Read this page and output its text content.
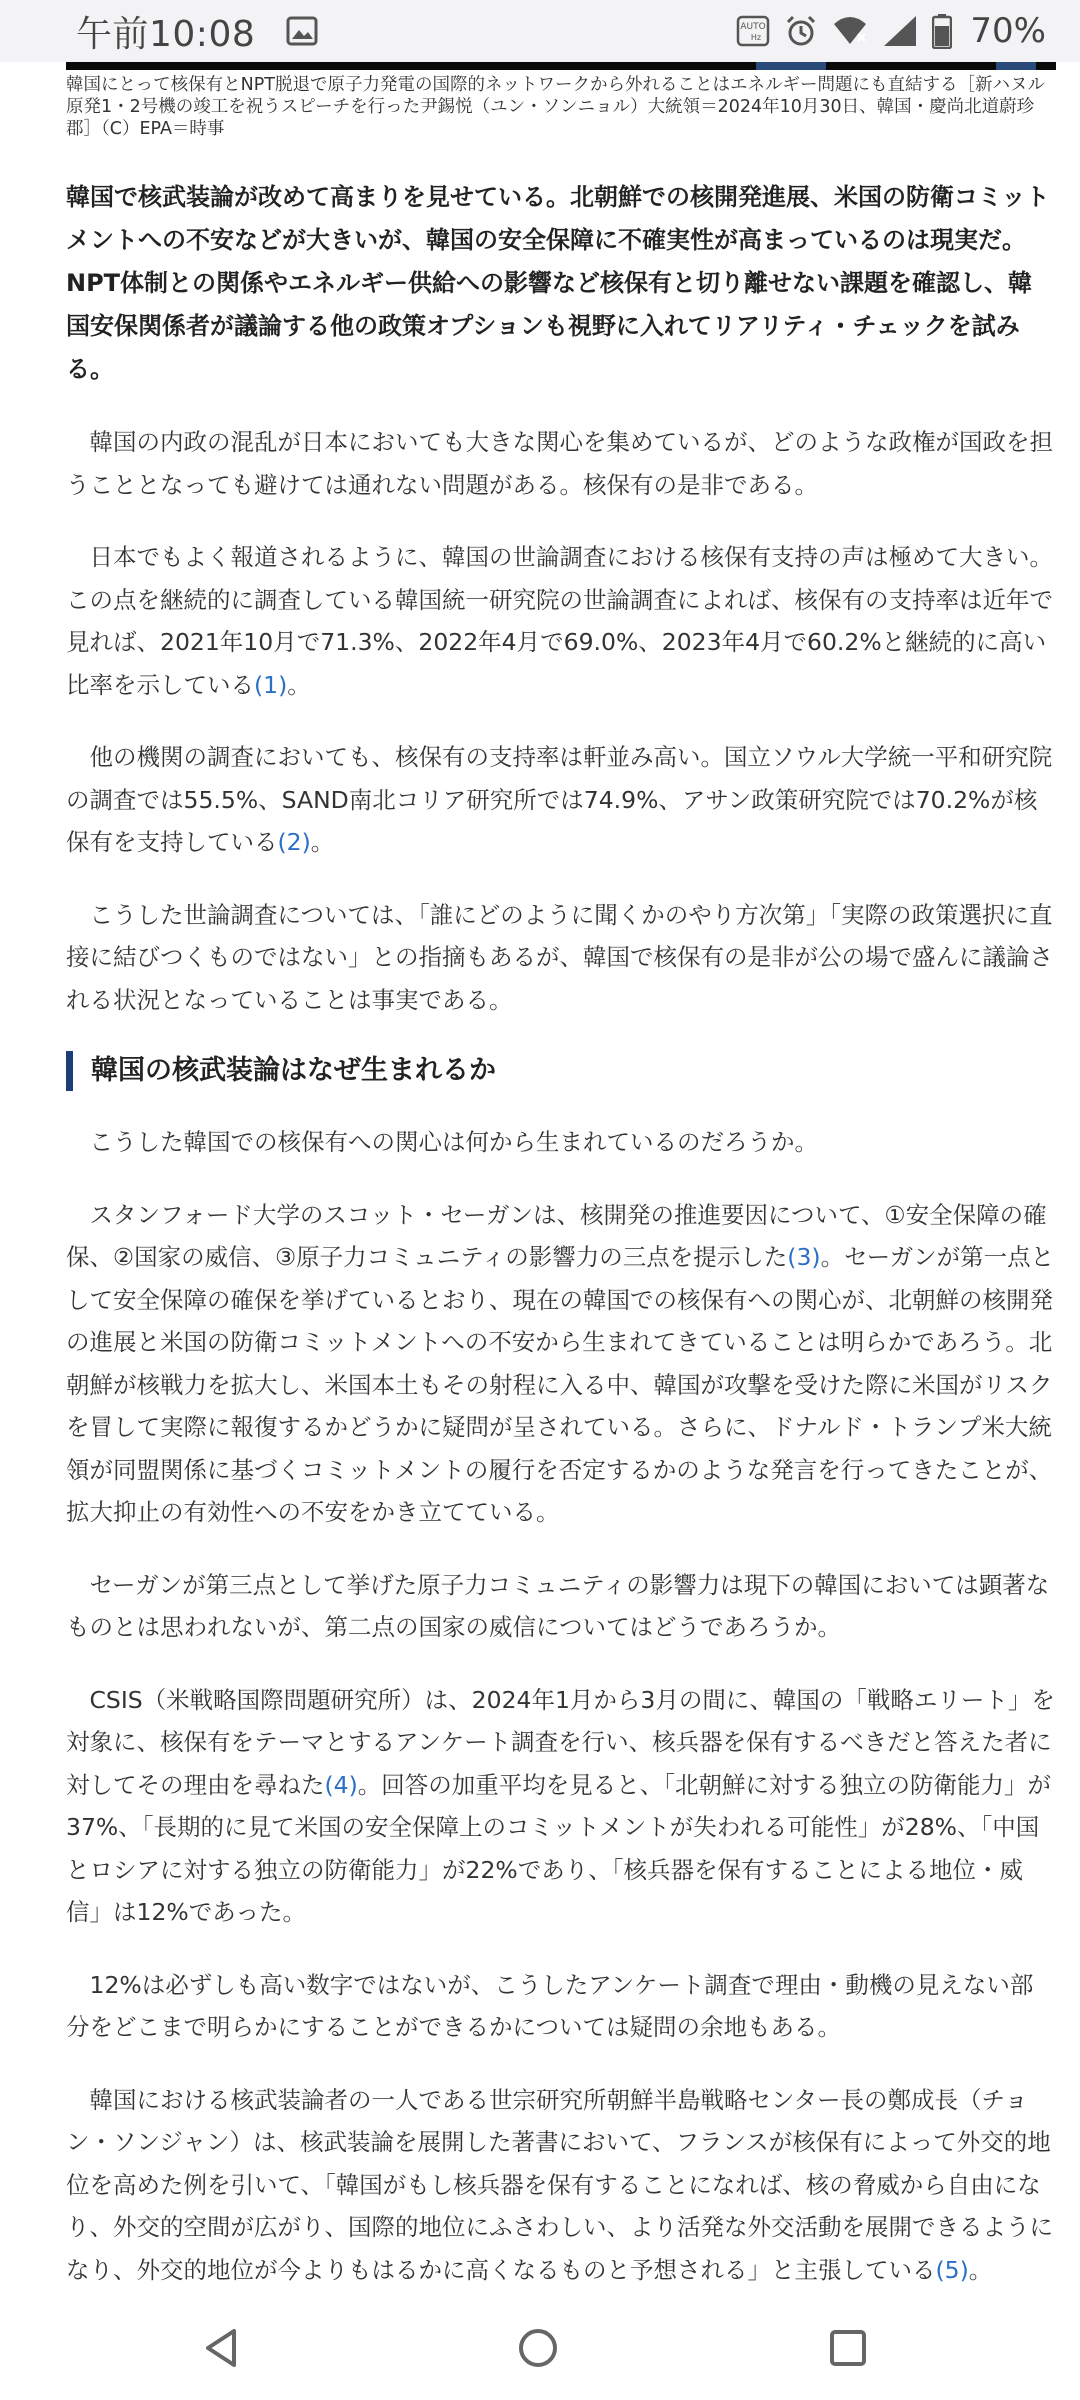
午前10:08	AUTO
Hz	70%

韓国にとって核保有とNPT脱退で原子力発電の国際的ネットワークから外れることはエネルギー問題にも直結する［新ハヌル原発1・2号機の竣工を祝うスピーチを行った尹錫悦（ユン・ソンニョル）大統領＝2024年10月30日、韓国・慶尚北道蔚珍郡］（C）EPA＝時事

韓国で核武装論が改めて高まりを見せている。北朝鮮での核開発進展、米国の防衛コミットメントへの不安などが大きいが、韓国の安全保障に不確実性が高まっているのは現実だ。NPT体制との関係やエネルギー供給への影響など核保有と切り離せない課題を確認し、韓国安保関係者が議論する他の政策オプションも視野に入れてリアリティ・チェックを試みる。

韓国の内政の混乱が日本においても大きな関心を集めているが、どのような政権が国政を担うこととなっても避けては通れない問題がある。核保有の是非である。

日本でもよく報道されるように、韓国の世論調査における核保有支持の声は極めて大きい。この点を継続的に調査している韓国統一研究院の世論調査によれば、核保有の支持率は近年で見れば、2021年10月で71.3%、2022年4月で69.0%、2023年4月で60.2%と継続的に高い比率を示している(1)。

他の機関の調査においても、核保有の支持率は軒並み高い。国立ソウル大学統一平和研究院の調査では55.5%、SAND南北コリア研究所では74.9%、アサン政策研究院では70.2%が核保有を支持している(2)。

こうした世論調査については、「誰にどのように聞くかのやり方次第」「実際の政策選択に直接に結びつくものではない」との指摘もあるが、韓国で核保有の是非が公の場で盛んに議論される状況となっていることは事実である。

韓国の核武装論はなぜ生まれるか

こうした韓国での核保有への関心は何から生まれているのだろうか。

スタンフォード大学のスコット・セーガンは、核開発の推進要因について、①安全保障の確保、②国家の威信、③原子力コミュニティの影響力の三点を提示した(3)。セーガンが第一点として安全保障の確保を挙げているとおり、現在の韓国での核保有への関心が、北朝鮮の核開発の進展と米国の防衛コミットメントへの不安から生まれてきていることは明らかであろう。北朝鮮が核戦力を拡大し、米国本土もその射程に入る中、韓国が攻撃を受けた際に米国がリスクを冒して実際に報復するかどうかに疑問が呈されている。さらに、ドナルド・トランプ米大統領が同盟関係に基づくコミットメントの履行を否定するかのような発言を行ってきたことが、拡大抑止の有効性への不安をかき立てている。

セーガンが第三点として挙げた原子力コミュニティの影響力は現下の韓国においては顕著なものとは思われないが、第二点の国家の威信についてはどうであろうか。

CSIS（米戦略国際問題研究所）は、2024年1月から3月の間に、韓国の「戦略エリート」を対象に、核保有をテーマとするアンケート調査を行い、核兵器を保有するべきだと答えた者に対してその理由を尋ねた(4)。回答の加重平均を見ると、「北朝鮮に対する独立の防衛能力」が37%、「長期的に見て米国の安全保障上のコミットメントが失われる可能性」が28%、「中国とロシアに対する独立の防衛能力」が22%であり、「核兵器を保有することによる地位・威信」は12%であった。

12%は必ずしも高い数字ではないが、こうしたアンケート調査で理由・動機の見えない部分をどこまで明らかにすることができるかについては疑問の余地もある。

韓国における核武装論者の一人である世宗研究所朝鮮半島戦略センター長の鄭成長（チョン・ソンジャン）は、核武装論を展開した著書において、フランスが核保有によって外交的地位を高めた例を引いて、「韓国がもし核兵器を保有することになれば、核の脅威から自由になり、外交的空間が広がり、国際的地位にふさわしい、より活発な外交活動を展開できるようになり、外交的地位が今よりもはるかに高くなるものと予想される」と主張している(5)。
